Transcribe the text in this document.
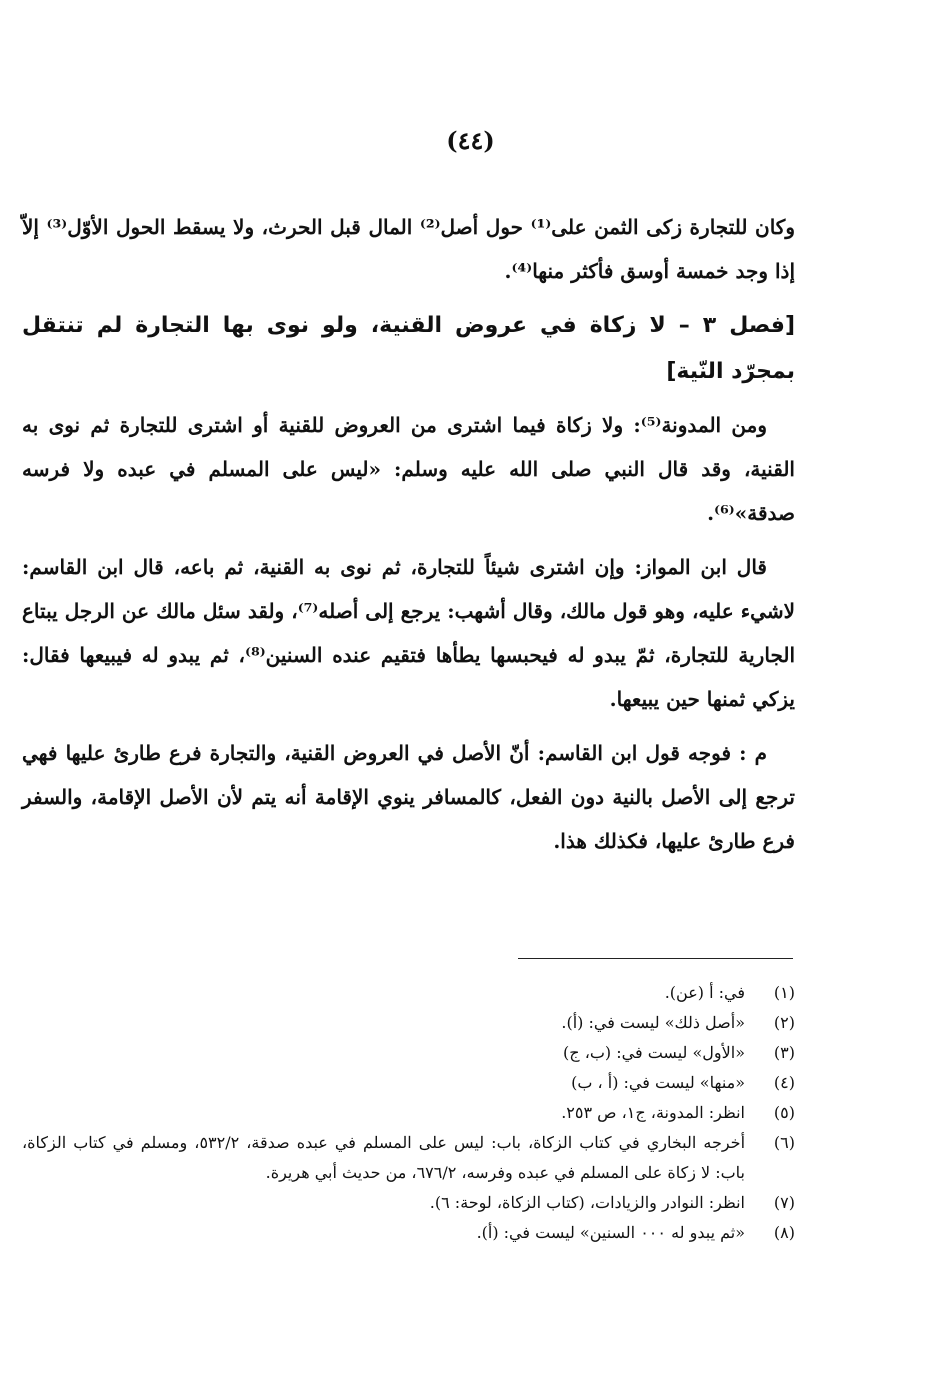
(٤٤)

وكان للتجارة زكى الثمن على⁽¹⁾ حول أصل⁽²⁾ المال قبل الحرث، ولا يسقط الحول الأوّل⁽³⁾ إلاّ إذا وجد خمسة أوسق فأكثر منها⁽⁴⁾.

[فصل ٣ – لا زكاة في عروض القنية، ولو نوى بها التجارة لم تنتقل بمجرّد النّية]

ومن المدونة⁽⁵⁾: ولا زكاة فيما اشترى من العروض للقنية أو اشترى للتجارة ثم نوى به القنية، وقد قال النبي صلى الله عليه وسلم: «ليس على المسلم في عبده ولا فرسه صدقة»⁽⁶⁾.

قال ابن المواز: وإن اشترى شيئاً للتجارة، ثم نوى به القنية، ثم باعه، قال ابن القاسم: لاشيء عليه، وهو قول مالك، وقال أشهب: يرجع إلى أصله⁽⁷⁾، ولقد سئل مالك عن الرجل يبتاع الجارية للتجارة، ثمّ يبدو له فيحبسها يطأها فتقيم عنده السنين⁽⁸⁾، ثم يبدو له فيبيعها فقال: يزكي ثمنها حين يبيعها.

م : فوجه قول ابن القاسم: أنّ الأصل في العروض القنية، والتجارة فرع طارئ عليها فهي ترجع إلى الأصل بالنية دون الفعل، كالمسافر ينوي الإقامة أنه يتم لأن الأصل الإقامة، والسفر فرع طارئ عليها، فكذلك هذا.

(١)
في: أ (عن).
(٢)
«أصل ذلك» ليست في: (أ).
(٣)
«الأول» ليست في: (ب، ج)
(٤)
«منها» ليست في: (أ ، ب)
(٥)
انظر: المدونة، ج١، ص ٢٥٣.
(٦)
أخرجه البخاري في كتاب الزكاة، باب: ليس على المسلم في عبده صدقة، ٥٣٢/٢، ومسلم في كتاب الزكاة، باب: لا زكاة على المسلم في عبده وفرسه، ٦٧٦/٢، من حديث أبي هريرة.
(٧)
انظر: النوادر والزيادات، (كتاب الزكاة، لوحة: ٦).
(٨)
«ثم يبدو له ٠٠٠ السنين» ليست في: (أ).
